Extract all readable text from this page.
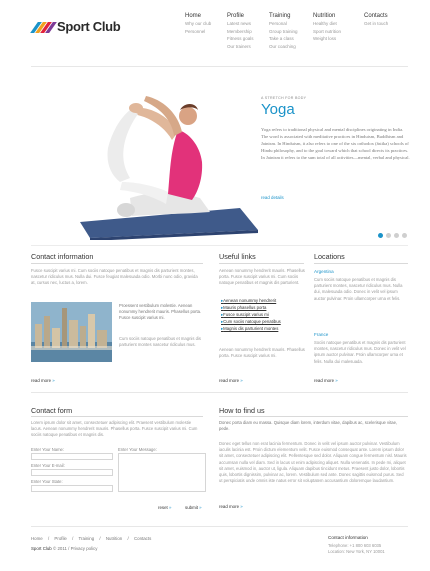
Sport Club
Home
Why our club
Personnel
Profile
Latest news
Membership
Fitness goals
Our trainers
Training
Personal
Group training
Take a class
Our coaching
Nutrition
Healthy diet
Sport nutrition
Weight loss
Contacts
Get in touch
A STRETCH FOR BODY
Yoga
Yoga refers to traditional physical and mental disciplines originating in India. The word is associated with meditative practices in Hinduism, Buddhism and Jainism. In Hinduism, it also refers to one of the six orthodox (āstika) schools of Hindu philosophy, and to the goal toward which that school directs its practices. In Jainism it refers to the sum total of all activities—mental, verbal and physical.
read details
Contact information
Fusce suscipit varius mi. Cum sociis natoque penatibus et magnis dis parturient montes, nascetur ridiculus mus. Nulla dui. Fusce feugiat malesuada odio. Morbi nunc odio, gravida at, cursus nec, luctus a, lorem.
Proessent vestibulum molestie. Aenean nonummy hendrerit mauris. Phasellus porta. Fusce suscipit varius mi.
Cum sociis natoque penatibus et magnis dis parturient montes nascetur ridiculus mus.
read more »
Useful links
Aenean nonummy hendrerit mauris. Phasellus porta. Fusce suscipit varius mi. Cum sociis natoque penatibus et magnis dis parturient.
▸ Aenean nonummy hendrerit
▸ Mauris phasellus porta
▸ Fusce suscipit varius mi
▸ Cum sociis natoque penatibus
▸ Magnis dis parturient montes
Aenean nonummy hendrerit mauris. Phasellus porta. Fusce suscipit varius mi.
read more »
Locations
Argentina
Cum sociis natoque penatibus et magnis dis parturient montes, nascetur ridiculus mus. Nulla dui, malesuada odio. Donec in velit vel ipsum auctor pulvinar. Proin ullamcorper urna et felis.
France
Sociis natoque penatibus et magnis dis parturient montes, nascetur ridiculus mus. Donec in velit vel ipsum auctor pulvinar. Proin ullamcorper urna et felis. Nulla dui malesuada.
read more »
Contact form
Lorem ipsum dolor sit amet, consectetuer adipiscing elit. Praesent vestibulum molestie lacus. Aenean nonummy hendrerit mauris. Phasellus porta. Fusce suscipit varius mi. Cum sociis natoque penatibus et magnis dis.
Enter Your Name:
Enter Your E-mail:
Enter Your State:
Enter Your Message:
reset »	submit »
How to find us
Donec porta diam eu massa. Quisque diam lorem, interdum vitae, dapibus ac, scelerisque vitae, pede.
Donec eget tellus non erat lacinia fermentum. Donec in velit vel ipsum auctor pulvinar. Vestibulum iaculis lacinia est. Proin dictum elementum velit. Fusce euismod consequat ante. Lorem ipsum dolor sit amet, consectetuer adipiscing elit. Pellentesque sed dolor. Aliquam congue fermentum nisl. Mauris accumsan nulla vel diam. Sed in lacus ut enim adipiscing aliquet. Nulla venenatis. In pede mi, aliquet sit amet, euismod in, auctor ut, ligula. Aliquam dapibus tincidunt metus. Praesent justo dolor, lobortis quis, lobortis dignissim, pulvinar ac, lorem. Vestibulum sed ante. Donec sagittis euismod purus. Sed ut perspiciatis unde omnis iste natus error sit voluptatem accusantium doloremque laudantium.
read more »
Home / Profile / Training / Nutrition / Contacts
Sport Club © 2011 / Privacy policy
Contact information
Telephone: +1 800 603 6035
Location: New York, NY 10001
